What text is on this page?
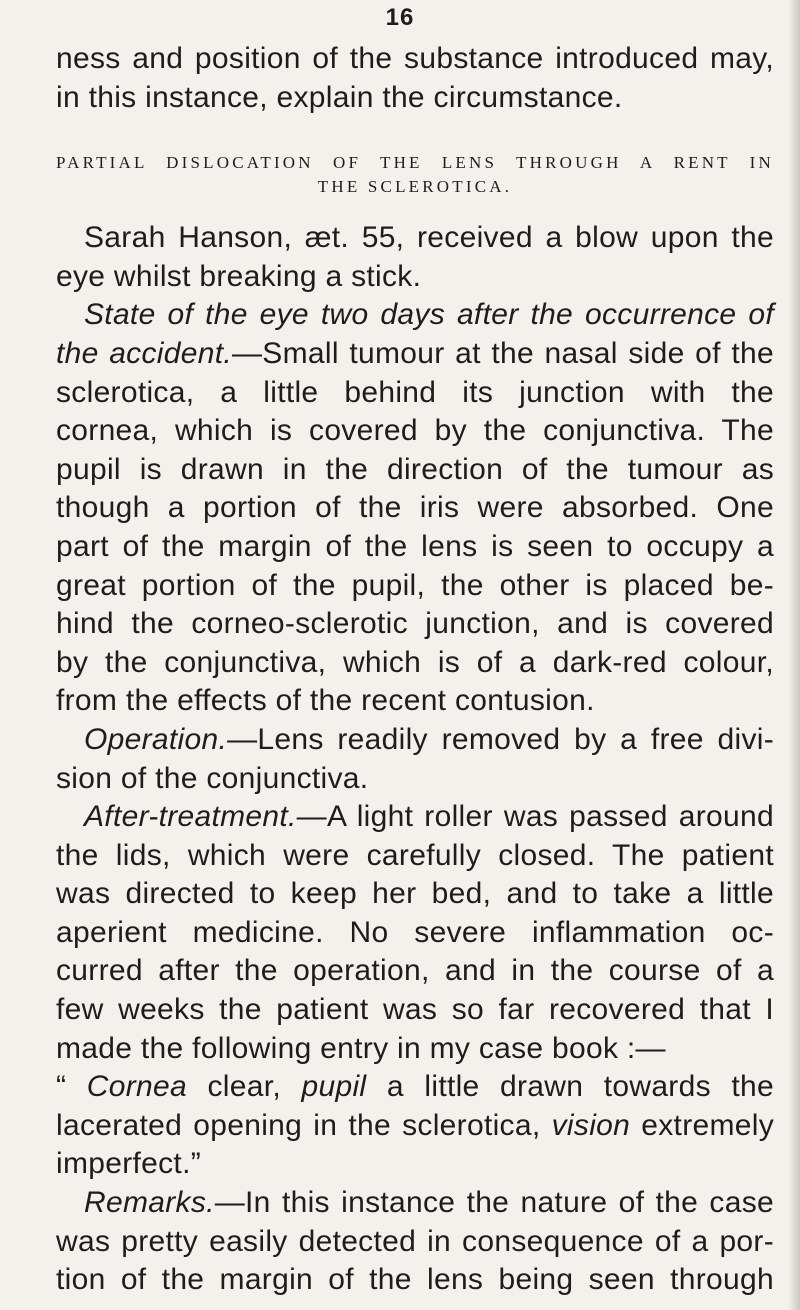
16
ness and position of the substance introduced may,
in this instance, explain the circumstance.
PARTIAL DISLOCATION OF THE LENS THROUGH A RENT IN
THE SCLEROTICA.
Sarah Hanson, æt. 55, received a blow upon the
eye whilst breaking a stick.
State of the eye two days after the occurrence of
the accident.—Small tumour at the nasal side of the
sclerotica, a little behind its junction with the
cornea, which is covered by the conjunctiva. The
pupil is drawn in the direction of the tumour as
though a portion of the iris were absorbed. One
part of the margin of the lens is seen to occupy a
great portion of the pupil, the other is placed be-
hind the corneo-sclerotic junction, and is covered
by the conjunctiva, which is of a dark-red colour,
from the effects of the recent contusion.
Operation.—Lens readily removed by a free divi-
sion of the conjunctiva.
After-treatment.—A light roller was passed around
the lids, which were carefully closed. The patient
was directed to keep her bed, and to take a little
aperient medicine. No severe inflammation oc-
curred after the operation, and in the course of a
few weeks the patient was so far recovered that I
made the following entry in my case book :—
“ Cornea clear, pupil a little drawn towards the
lacerated opening in the sclerotica, vision extremely
imperfect.”
Remarks.—In this instance the nature of the case
was pretty easily detected in consequence of a por-
tion of the margin of the lens being seen through
